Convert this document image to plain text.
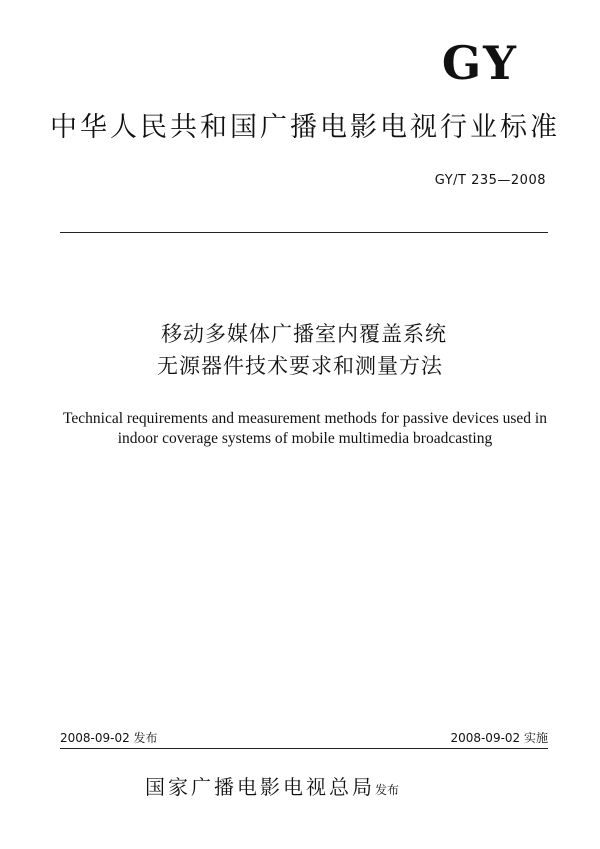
GY
中华人民共和国广播电影电视行业标准
GY/T 235—2008
移动多媒体广播室内覆盖系统
无源器件技术要求和测量方法
Technical requirements and measurement methods for passive devices used in
indoor coverage systems of mobile multimedia broadcasting
2008-09-02 发布	2008-09-02 实施
国家广播电影电视总局发布
